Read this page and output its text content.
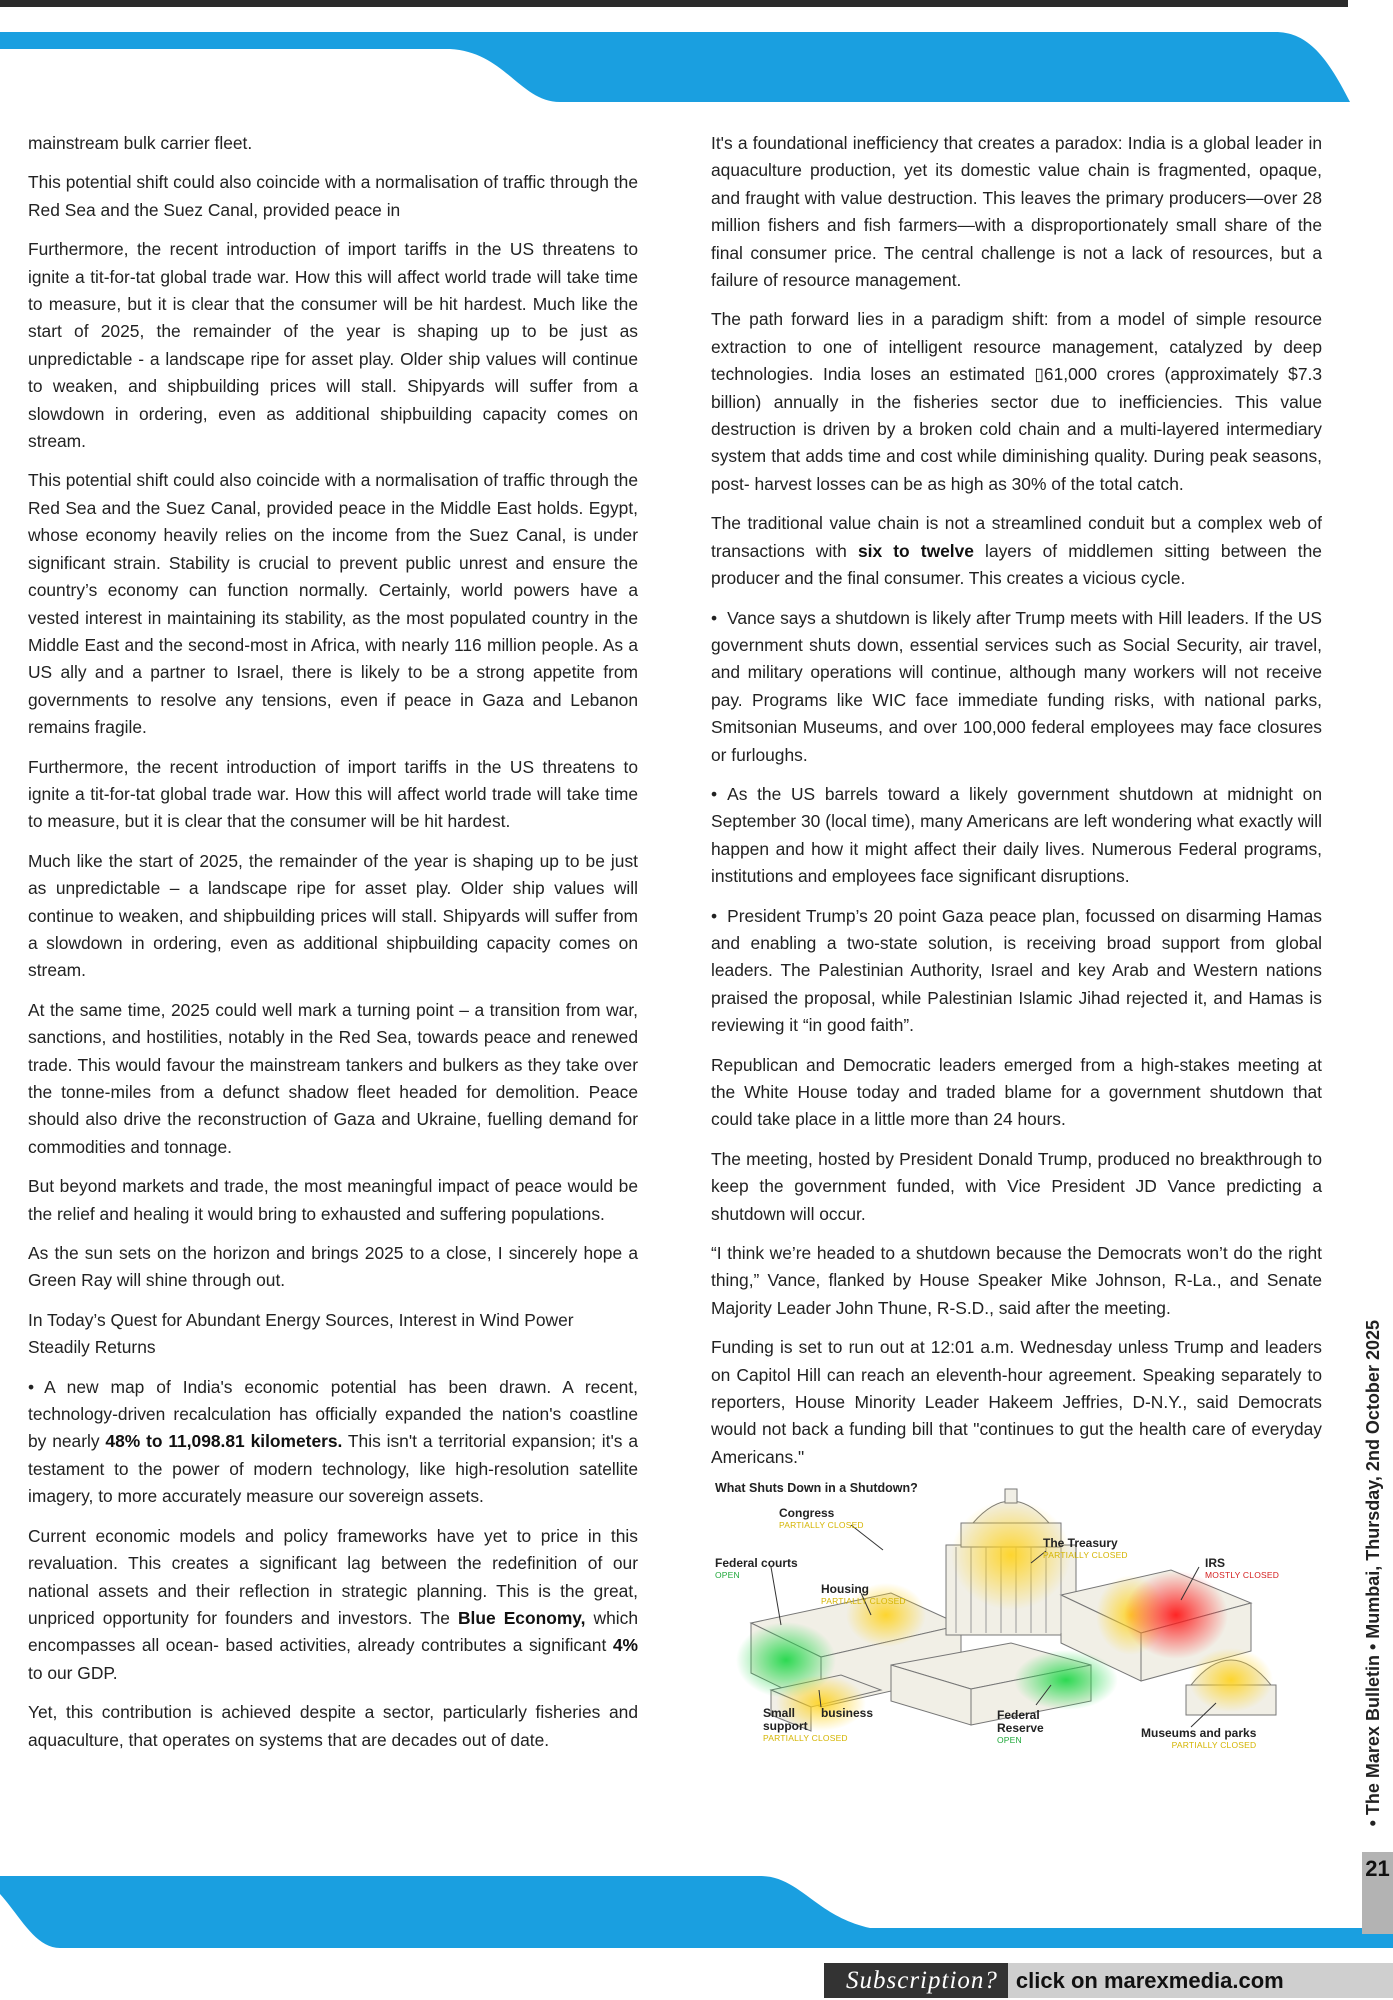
mainstream bulk carrier fleet.

This potential shift could also coincide with a normalisation of traffic through the Red Sea and the Suez Canal, provided peace in

Furthermore, the recent introduction of import tariffs in the US threatens to ignite a tit-for-tat global trade war. How this will affect world trade will take time to measure, but it is clear that the consumer will be hit hardest. Much like the start of 2025, the remainder of the year is shaping up to be just as unpredictable - a landscape ripe for asset play. Older ship values will continue to weaken, and shipbuilding prices will stall. Shipyards will suffer from a slowdown in ordering, even as additional shipbuilding capacity comes on stream.

This potential shift could also coincide with a normalisation of traffic through the Red Sea and the Suez Canal, provided peace in the Middle East holds. Egypt, whose economy heavily relies on the income from the Suez Canal, is under significant strain. Stability is crucial to prevent public unrest and ensure the country’s economy can function normally. Certainly, world powers have a vested interest in maintaining its stability, as the most populated country in the Middle East and the second-most in Africa, with nearly 116 million people. As a US ally and a partner to Israel, there is likely to be a strong appetite from governments to resolve any tensions, even if peace in Gaza and Lebanon remains fragile.

Furthermore, the recent introduction of import tariffs in the US threatens to ignite a tit-for-tat global trade war. How this will affect world trade will take time to measure, but it is clear that the consumer will be hit hardest.

Much like the start of 2025, the remainder of the year is shaping up to be just as unpredictable – a landscape ripe for asset play. Older ship values will continue to weaken, and shipbuilding prices will stall. Shipyards will suffer from a slowdown in ordering, even as additional shipbuilding capacity comes on stream.

At the same time, 2025 could well mark a turning point – a transition from war, sanctions, and hostilities, notably in the Red Sea, towards peace and renewed trade. This would favour the mainstream tankers and bulkers as they take over the tonne-miles from a defunct shadow fleet headed for demolition. Peace should also drive the reconstruction of Gaza and Ukraine, fuelling demand for commodities and tonnage.

But beyond markets and trade, the most meaningful impact of peace would be the relief and healing it would bring to exhausted and suffering populations.

As the sun sets on the horizon and brings 2025 to a close, I sincerely hope a Green Ray will shine through out.

In Today’s Quest for Abundant Energy Sources, Interest in Wind Power Steadily Returns

• A new map of India's economic potential has been drawn. A recent, technology-driven recalculation has officially expanded the nation's coastline by nearly 48% to 11,098.81 kilometers. This isn't a territorial expansion; it's a testament to the power of modern technology, like high-resolution satellite imagery, to more accurately measure our sovereign assets.

Current economic models and policy frameworks have yet to price in this revaluation. This creates a significant lag between the redefinition of our national assets and their reflection in strategic planning. This is the great, unpriced opportunity for founders and investors. The Blue Economy, which encompasses all ocean- based activities, already contributes a significant 4% to our GDP.

Yet, this contribution is achieved despite a sector, particularly fisheries and aquaculture, that operates on systems that are decades out of date.

It's a foundational inefficiency that creates a paradox: India is a global leader in aquaculture production, yet its domestic value chain is fragmented, opaque, and fraught with value destruction. This leaves the primary producers—over 28 million fishers and fish farmers—with a disproportionately small share of the final consumer price. The central challenge is not a lack of resources, but a failure of resource management.

The path forward lies in a paradigm shift: from a model of simple resource extraction to one of intelligent resource management, catalyzed by deep technologies. India loses an estimated ▯61,000 crores (approximately $7.3 billion) annually in the fisheries sector due to inefficiencies. This value destruction is driven by a broken cold chain and a multi-layered intermediary system that adds time and cost while diminishing quality. During peak seasons, post- harvest losses can be as high as 30% of the total catch.

The traditional value chain is not a streamlined conduit but a complex web of transactions with six to twelve layers of middlemen sitting between the producer and the final consumer. This creates a vicious cycle.

• Vance says a shutdown is likely after Trump meets with Hill leaders. If the US government shuts down, essential services such as Social Security, air travel, and military operations will continue, although many workers will not receive pay. Programs like WIC face immediate funding risks, with national parks, Smitsonian Museums, and over 100,000 federal employees may face closures or furloughs.

• As the US barrels toward a likely government shutdown at midnight on September 30 (local time), many Americans are left wondering what exactly will happen and how it might affect their daily lives. Numerous Federal programs, institutions and employees face significant disruptions.

• President Trump’s 20 point Gaza peace plan, focussed on disarming Hamas and enabling a two-state solution, is receiving broad support from global leaders. The Palestinian Authority, Israel and key Arab and Western nations praised the proposal, while Palestinian Islamic Jihad rejected it, and Hamas is reviewing it “in good faith”.

Republican and Democratic leaders emerged from a high-stakes meeting at the White House today and traded blame for a government shutdown that could take place in a little more than 24 hours.

The meeting, hosted by President Donald Trump, produced no breakthrough to keep the government funded, with Vice President JD Vance predicting a shutdown will occur.

“I think we’re headed to a shutdown because the Democrats won’t do the right thing,” Vance, flanked by House Speaker Mike Johnson, R-La., and Senate Majority Leader John Thune, R-S.D., said after the meeting.

Funding is set to run out at 12:01 a.m. Wednesday unless Trump and leaders on Capitol Hill can reach an eleventh-hour agreement. Speaking separately to reporters, House Minority Leader Hakeem Jeffries, D-N.Y., said Democrats would not back a funding bill that "continues to gut the health care of everyday Americans."

What Shuts Down in a Shutdown?
Congress
PARTIALLY CLOSED
Federal courts
OPEN
Housing
PARTIALLY CLOSED
The Treasury
PARTIALLY CLOSED
IRS
MOSTLY CLOSED
Small business support
PARTIALLY CLOSED
Federal Reserve
OPEN	Museums and parks
PARTIALLY CLOSED	• The Marex Bulletin • Mumbai, Thursday, 2nd October 2025
21
Subscription? click on marexmedia.com
